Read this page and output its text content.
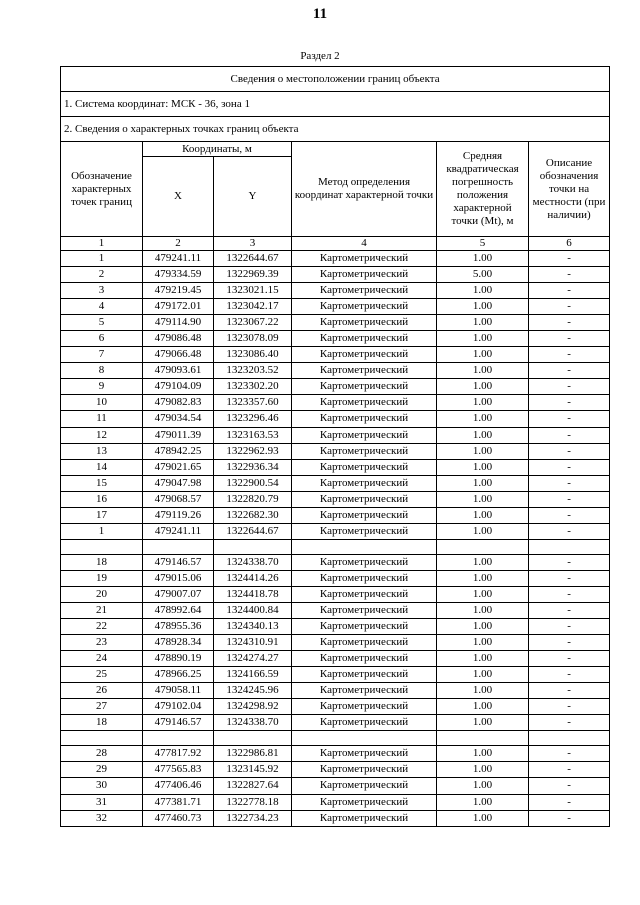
11
Раздел 2
Сведения о местоположении границ объекта					
1. Система координат: МСК - 36, зона 1					
2. Сведения о характерных точках границ объекта					
Обозначение характерных точек границ	Координаты, м		Метод определения координат характерной точки	Средняя квадратическая погрешность положения характерной точки (Mt), м	Описание обозначения точки на местности (при наличии)
	X	Y			
1	2	3	4	5	6
1	479241.11	1322644.67	Картометрический	1.00	-
2	479334.59	1322969.39	Картометрический	5.00	-
3	479219.45	1323021.15	Картометрический	1.00	-
4	479172.01	1323042.17	Картометрический	1.00	-
5	479114.90	1323067.22	Картометрический	1.00	-
6	479086.48	1323078.09	Картометрический	1.00	-
7	479066.48	1323086.40	Картометрический	1.00	-
8	479093.61	1323203.52	Картометрический	1.00	-
9	479104.09	1323302.20	Картометрический	1.00	-
10	479082.83	1323357.60	Картометрический	1.00	-
11	479034.54	1323296.46	Картометрический	1.00	-
12	479011.39	1323163.53	Картометрический	1.00	-
13	478942.25	1322962.93	Картометрический	1.00	-
14	479021.65	1322936.34	Картометрический	1.00	-
15	479047.98	1322900.54	Картометрический	1.00	-
16	479068.57	1322820.79	Картометрический	1.00	-
17	479119.26	1322682.30	Картометрический	1.00	-
1	479241.11	1322644.67	Картометрический	1.00	-

18	479146.57	1324338.70	Картометрический	1.00	-
19	479015.06	1324414.26	Картометрический	1.00	-
20	479007.07	1324418.78	Картометрический	1.00	-
21	478992.64	1324400.84	Картометрический	1.00	-
22	478955.36	1324340.13	Картометрический	1.00	-
23	478928.34	1324310.91	Картометрический	1.00	-
24	478890.19	1324274.27	Картометрический	1.00	-
25	478966.25	1324166.59	Картометрический	1.00	-
26	479058.11	1324245.96	Картометрический	1.00	-
27	479102.04	1324298.92	Картометрический	1.00	-
18	479146.57	1324338.70	Картометрический	1.00	-

28	477817.92	1322986.81	Картометрический	1.00	-
29	477565.83	1323145.92	Картометрический	1.00	-
30	477406.46	1322827.64	Картометрический	1.00	-
31	477381.71	1322778.18	Картометрический	1.00	-
32	477460.73	1322734.23	Картометрический	1.00	-
